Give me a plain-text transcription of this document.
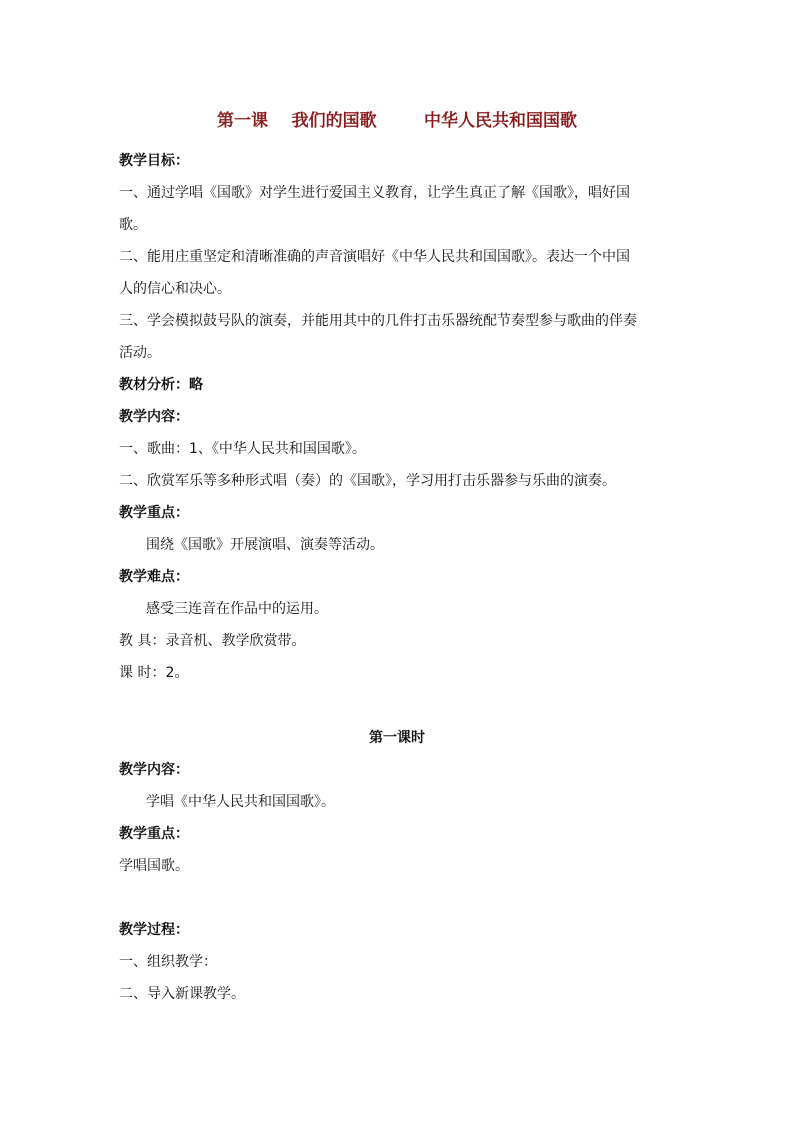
第一课    我们的国歌        中华人民共和国国歌
教学目标：
一、通过学唱《国歌》对学生进行爱国主义教育，让学生真正了解《国歌》，唱好国
歌。
二、能用庄重坚定和清晰准确的声音演唱好《中华人民共和国国歌》。表达一个中国
人的信心和决心。
三、学会模拟鼓号队的演奏，并能用其中的几件打击乐器统配节奏型参与歌曲的伴奏
活动。
教材分析：略
教学内容：
一、歌曲：1、《中华人民共和国国歌》。
二、欣赏军乐等多种形式唱（奏）的《国歌》，学习用打击乐器参与乐曲的演奏。
教学重点：
围绕《国歌》开展演唱、演奏等活动。
教学难点：
感受三连音在作品中的运用。
教 具：录音机、教学欣赏带。
课 时：2。
第一课时
教学内容：
学唱《中华人民共和国国歌》。
教学重点：
学唱国歌。
教学过程：
一、组织教学：
二、导入新课教学。
